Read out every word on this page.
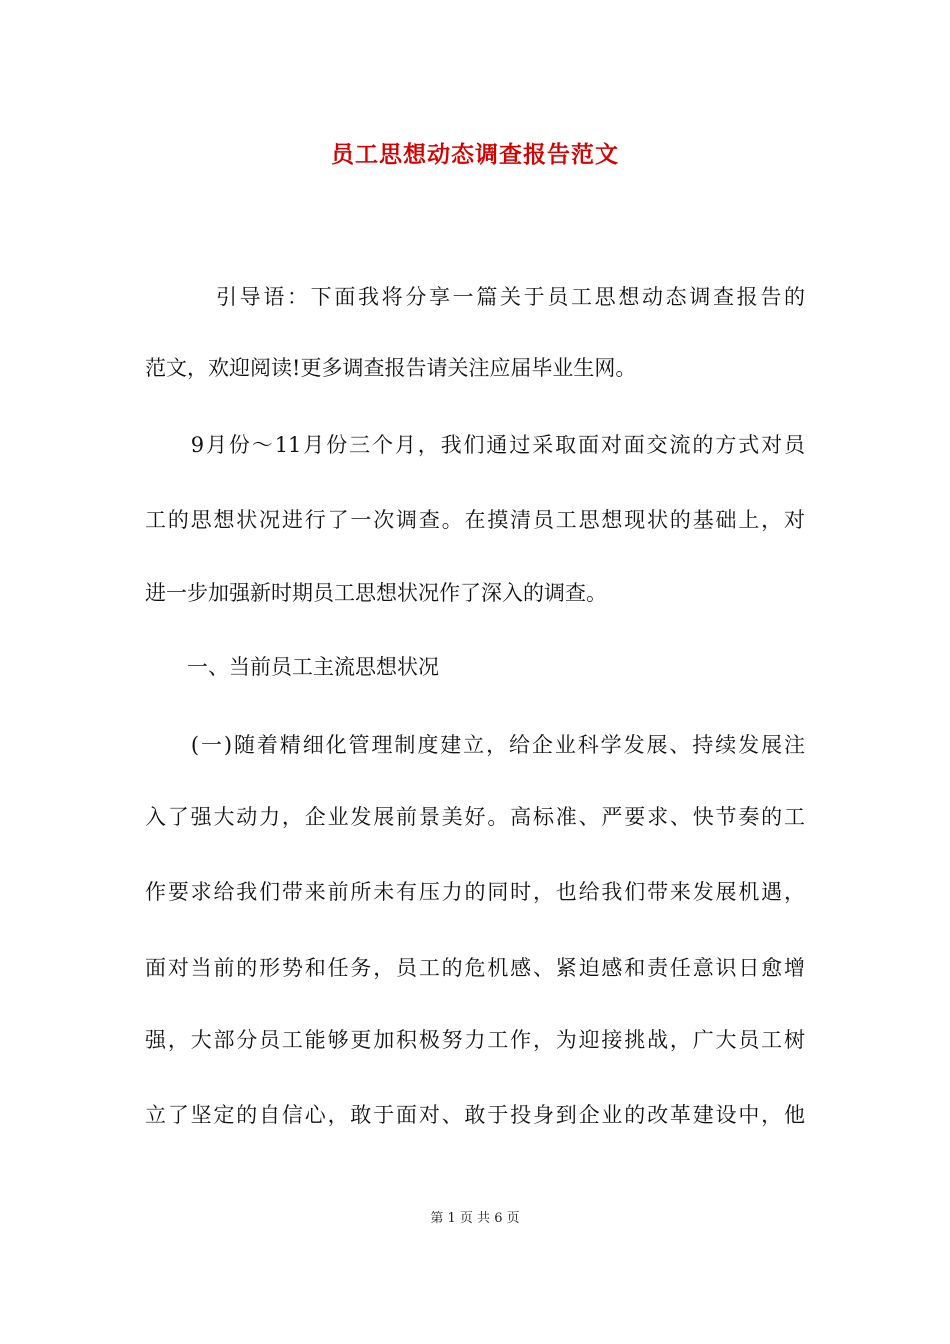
员工思想动态调查报告范文
　　　引导语：下面我将分享一篇关于员工思想动态调查报告的
范文，欢迎阅读!更多调查报告请关注应届毕业生网。
　　9月份～11月份三个月，我们通过采取面对面交流的方式对员
工的思想状况进行了一次调查。在摸清员工思想现状的基础上，对
进一步加强新时期员工思想状况作了深入的调查。
　　一、当前员工主流思想状况
　　(一)随着精细化管理制度建立，给企业科学发展、持续发展注
入了强大动力，企业发展前景美好。高标准、严要求、快节奏的工
作要求给我们带来前所未有压力的同时，也给我们带来发展机遇，
面对当前的形势和任务，员工的危机感、紧迫感和责任意识日愈增
强，大部分员工能够更加积极努力工作，为迎接挑战，广大员工树
立了坚定的自信心，敢于面对、敢于投身到企业的改革建设中，他
第 1 页 共 6 页
